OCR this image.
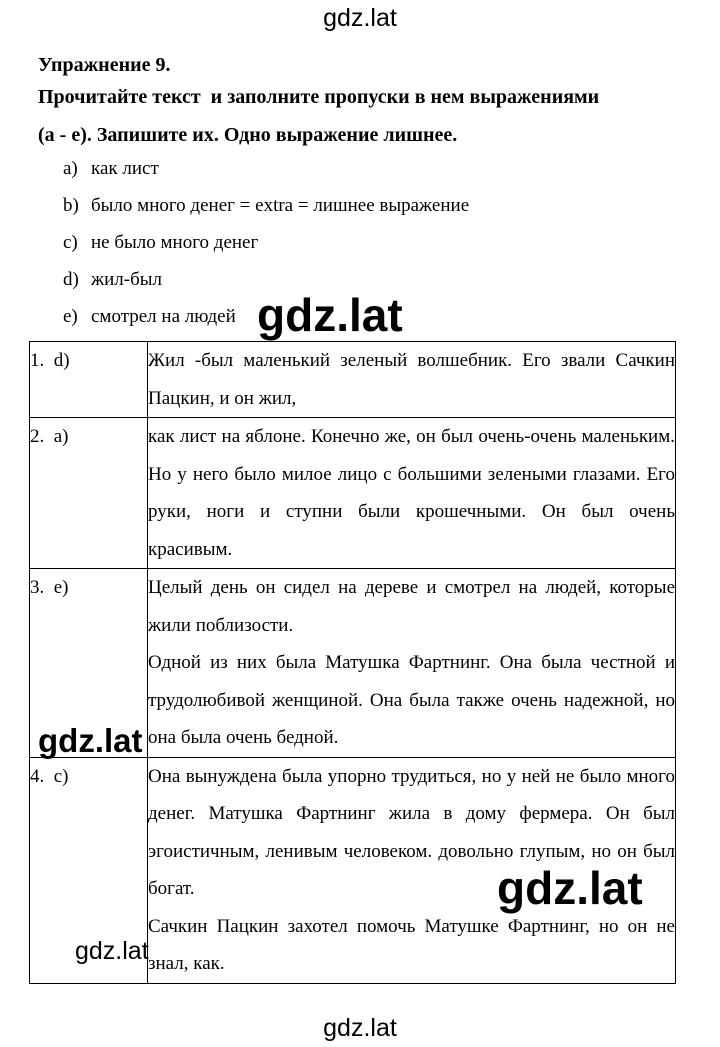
gdz.lat
Упражнение 9.
Прочитайте текст  и заполните пропуски в нем выражениями
(a - e). Запишите их. Одно выражение лишнее.
a) как лист
b) было много денег = extra = лишнее выражение
c) не было много денег
d) жил-был
e) смотрел на людей
1.  d)	Жил -был маленький зеленый волшебник. Его звали Сачкин Пацкин, и он жил,
2.  a)	как лист на яблоне. Конечно же, он был очень-очень маленьким. Но у него было милое лицо с большими зелеными глазами. Его руки, ноги и ступни были крошечными. Он был очень красивым.
3.  e)	Целый день он сидел на дереве и смотрел на людей, которые жили поблизости.
Одной из них была Матушка Фартнинг. Она была честной и трудолюбивой женщиной. Она была также очень надежной, но она была очень бедной.

4.  c)	Она вынуждена была упорно трудиться, но у ней не было много денег. Матушка Фартнинг жила в дому фермера. Он был эгоистичным, ленивым человеком. довольно глупым, но он был богат.
Сачкин Пацкин захотел помочь Матушке Фартнинг, но он не знал, как.
gdz.lat
gdz.lat
gdz.lat
gdz.lat
gdz.lat
